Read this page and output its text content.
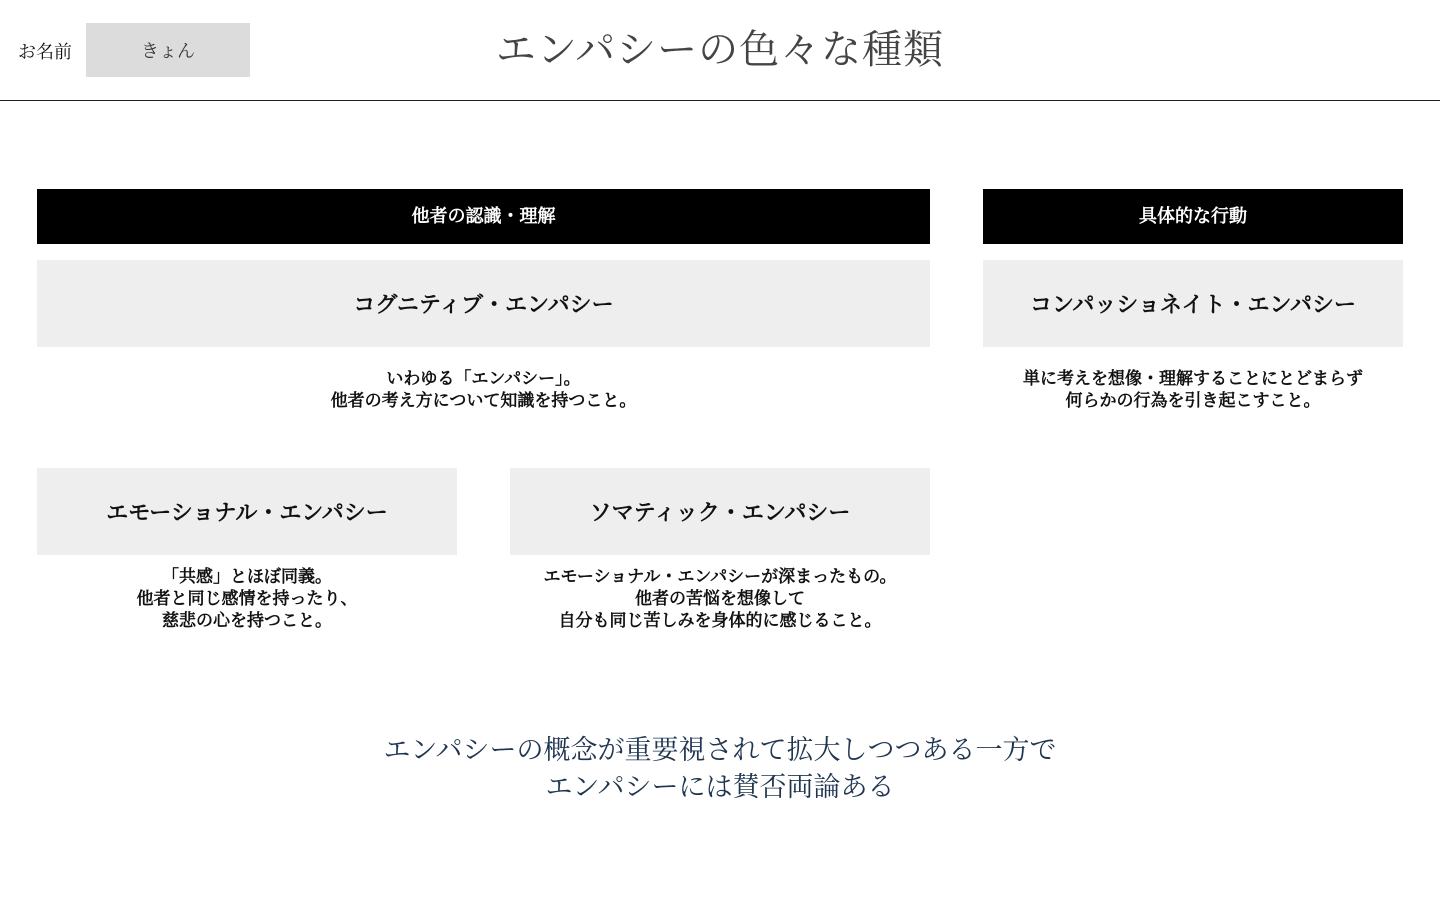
お名前
きょん	エンパシーの色々な種類
他者の認識・理解	具体的な行動
コグニティブ・エンパシー
いわゆる「エンパシー」。
他者の考え方について知識を持つこと。
コンパッショネイト・エンパシー
単に考えを想像・理解することにとどまらず
何らかの行為を引き起こすこと。
エモーショナル・エンパシー
「共感」とほぼ同義。
他者と同じ感情を持ったり、
慈悲の心を持つこと。
ソマティック・エンパシー
エモーショナル・エンパシーが深まったもの。
他者の苦悩を想像して
自分も同じ苦しみを身体的に感じること。
エンパシーの概念が重要視されて拡大しつつある一方で
エンパシーには賛否両論ある
